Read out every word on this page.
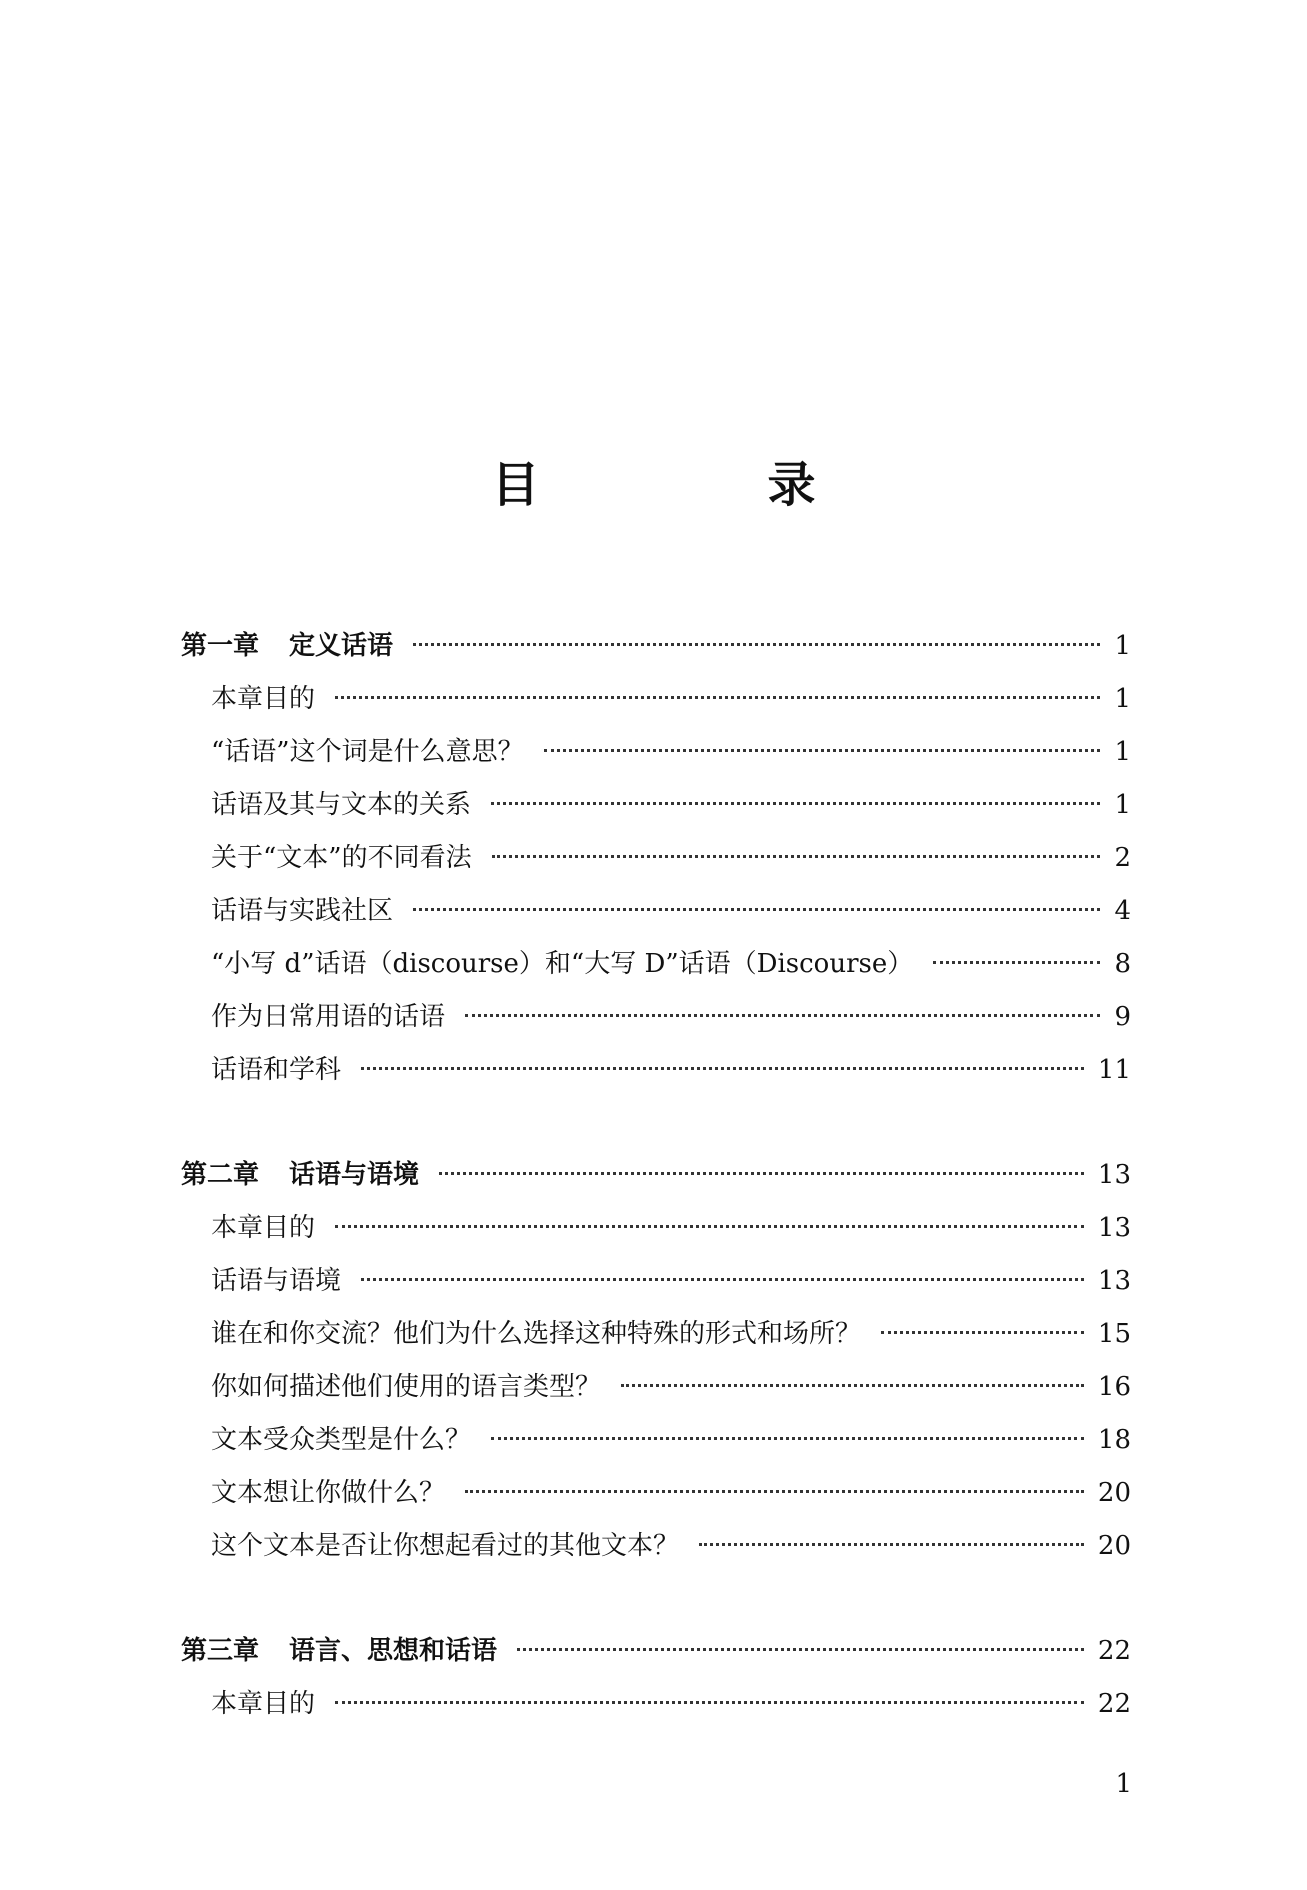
目　录
第一章 定义话语	1
本章目的	1
“话语”这个词是什么意思？	1
话语及其与文本的关系	1
关于“文本”的不同看法	2
话语与实践社区	4
“小写 d”话语（discourse）和“大写 D”话语（Discourse）	8
作为日常用语的话语	9
话语和学科	11
第二章 话语与语境	13
本章目的	13
话语与语境	13
谁在和你交流？他们为什么选择这种特殊的形式和场所？	15
你如何描述他们使用的语言类型？	16
文本受众类型是什么？	18
文本想让你做什么？	20
这个文本是否让你想起看过的其他文本？	20
第三章 语言、思想和话语	22
本章目的	22
1
